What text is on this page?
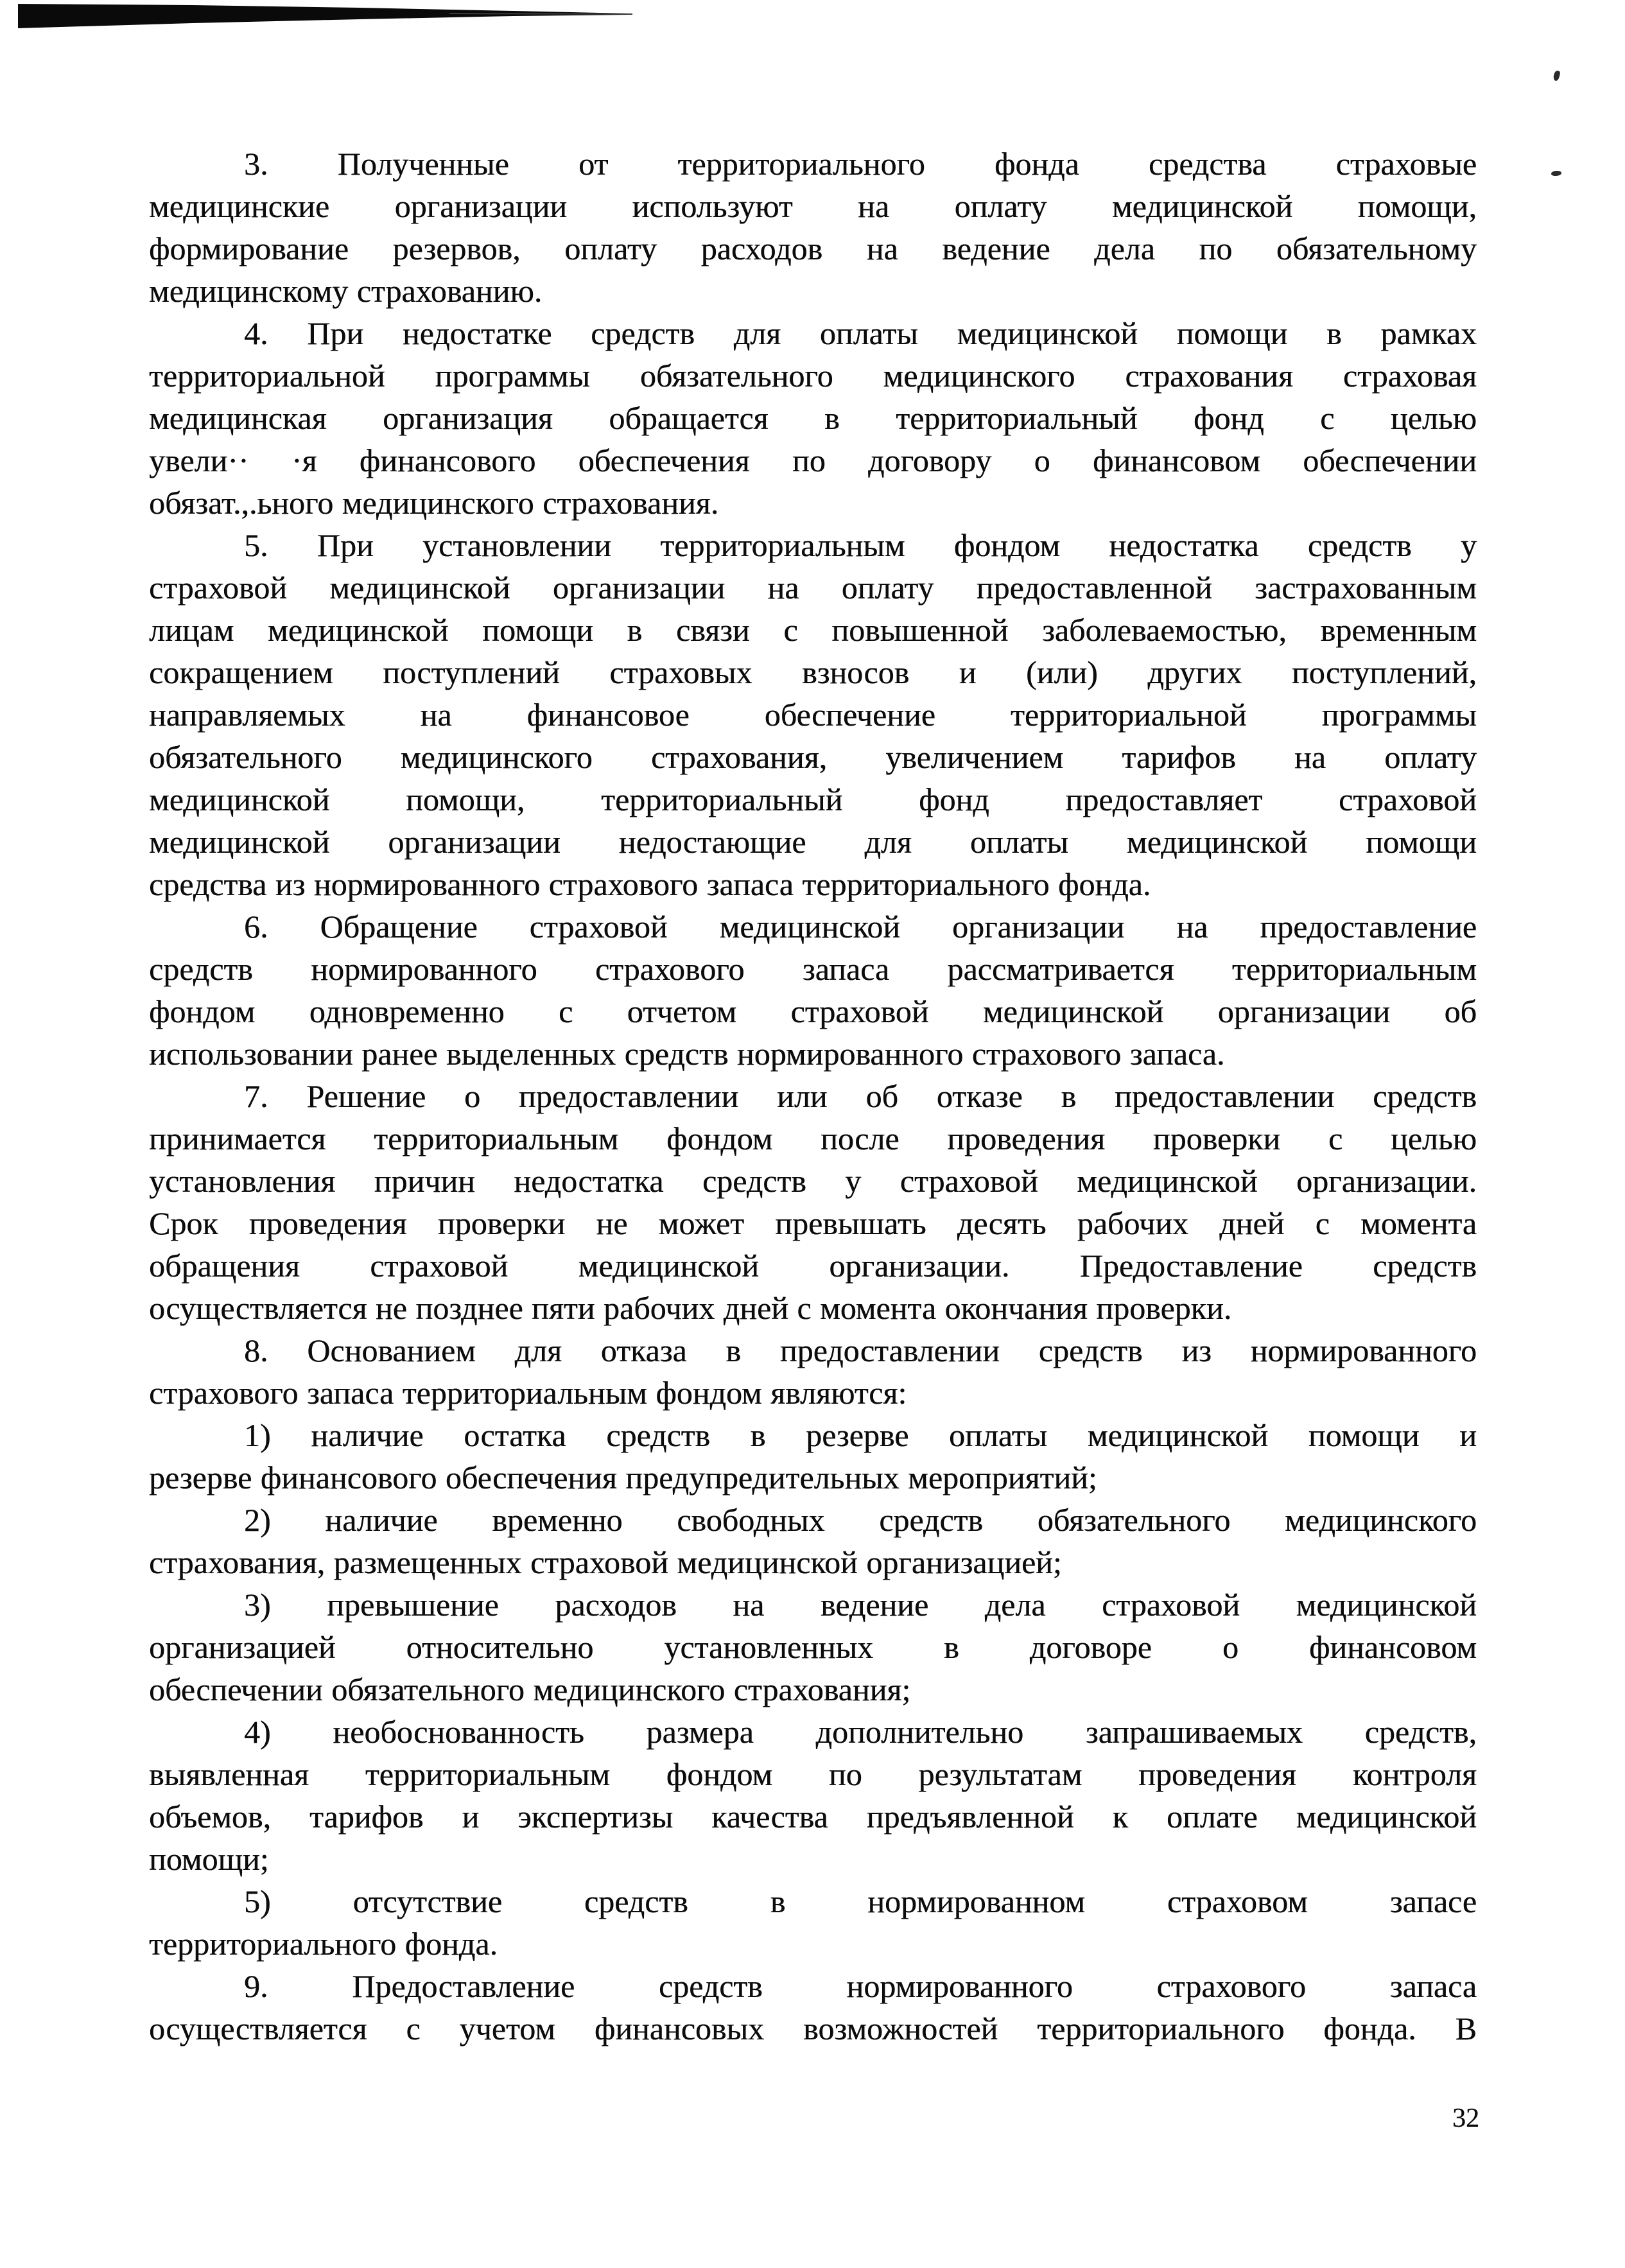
3. Полученные от территориального фонда средства страховые
медицинские организации используют на оплату медицинской помощи,
формирование резервов, оплату расходов на ведение дела по обязательному
медицинскому страхованию.
4. При недостатке средств для оплаты медицинской помощи в рамках
территориальной программы обязательного медицинского страхования страховая
медицинская организация обращается в территориальный фонд с целью
увели·· ·я финансового обеспечения по договору о финансовом обеспечении
обязат.,.ьного медицинского страхования.
5. При установлении территориальным фондом недостатка средств у
страховой медицинской организации на оплату предоставленной застрахованным
лицам медицинской помощи в связи с повышенной заболеваемостью, временным
сокращением поступлений страховых взносов и (или) других поступлений,
направляемых на финансовое обеспечение территориальной программы
обязательного медицинского страхования, увеличением тарифов на оплату
медицинской помощи, территориальный фонд предоставляет страховой
медицинской организации недостающие для оплаты медицинской помощи
средства из нормированного страхового запаса территориального фонда.
6. Обращение страховой медицинской организации на предоставление
средств нормированного страхового запаса рассматривается территориальным
фондом одновременно с отчетом страховой медицинской организации об
использовании ранее выделенных средств нормированного страхового запаса.
7. Решение о предоставлении или об отказе в предоставлении средств
принимается территориальным фондом после проведения проверки с целью
установления причин недостатка средств у страховой медицинской организации.
Срок проведения проверки не может превышать десять рабочих дней с момента
обращения страховой медицинской организации. Предоставление средств
осуществляется не позднее пяти рабочих дней с момента окончания проверки.
8. Основанием для отказа в предоставлении средств из нормированного
страхового запаса территориальным фондом являются:
1) наличие остатка средств в резерве оплаты медицинской помощи и
резерве финансового обеспечения предупредительных мероприятий;
2) наличие временно свободных средств обязательного медицинского
страхования, размещенных страховой медицинской организацией;
3) превышение расходов на ведение дела страховой медицинской
организацией относительно установленных в договоре о финансовом
обеспечении обязательного медицинского страхования;
4) необоснованность размера дополнительно запрашиваемых средств,
выявленная территориальным фондом по результатам проведения контроля
объемов, тарифов и экспертизы качества предъявленной к оплате медицинской
помощи;
5) отсутствие средств в нормированном страховом запасе
территориального фонда.
9. Предоставление средств нормированного страхового запаса
осуществляется с учетом финансовых возможностей территориального фонда. В
32
